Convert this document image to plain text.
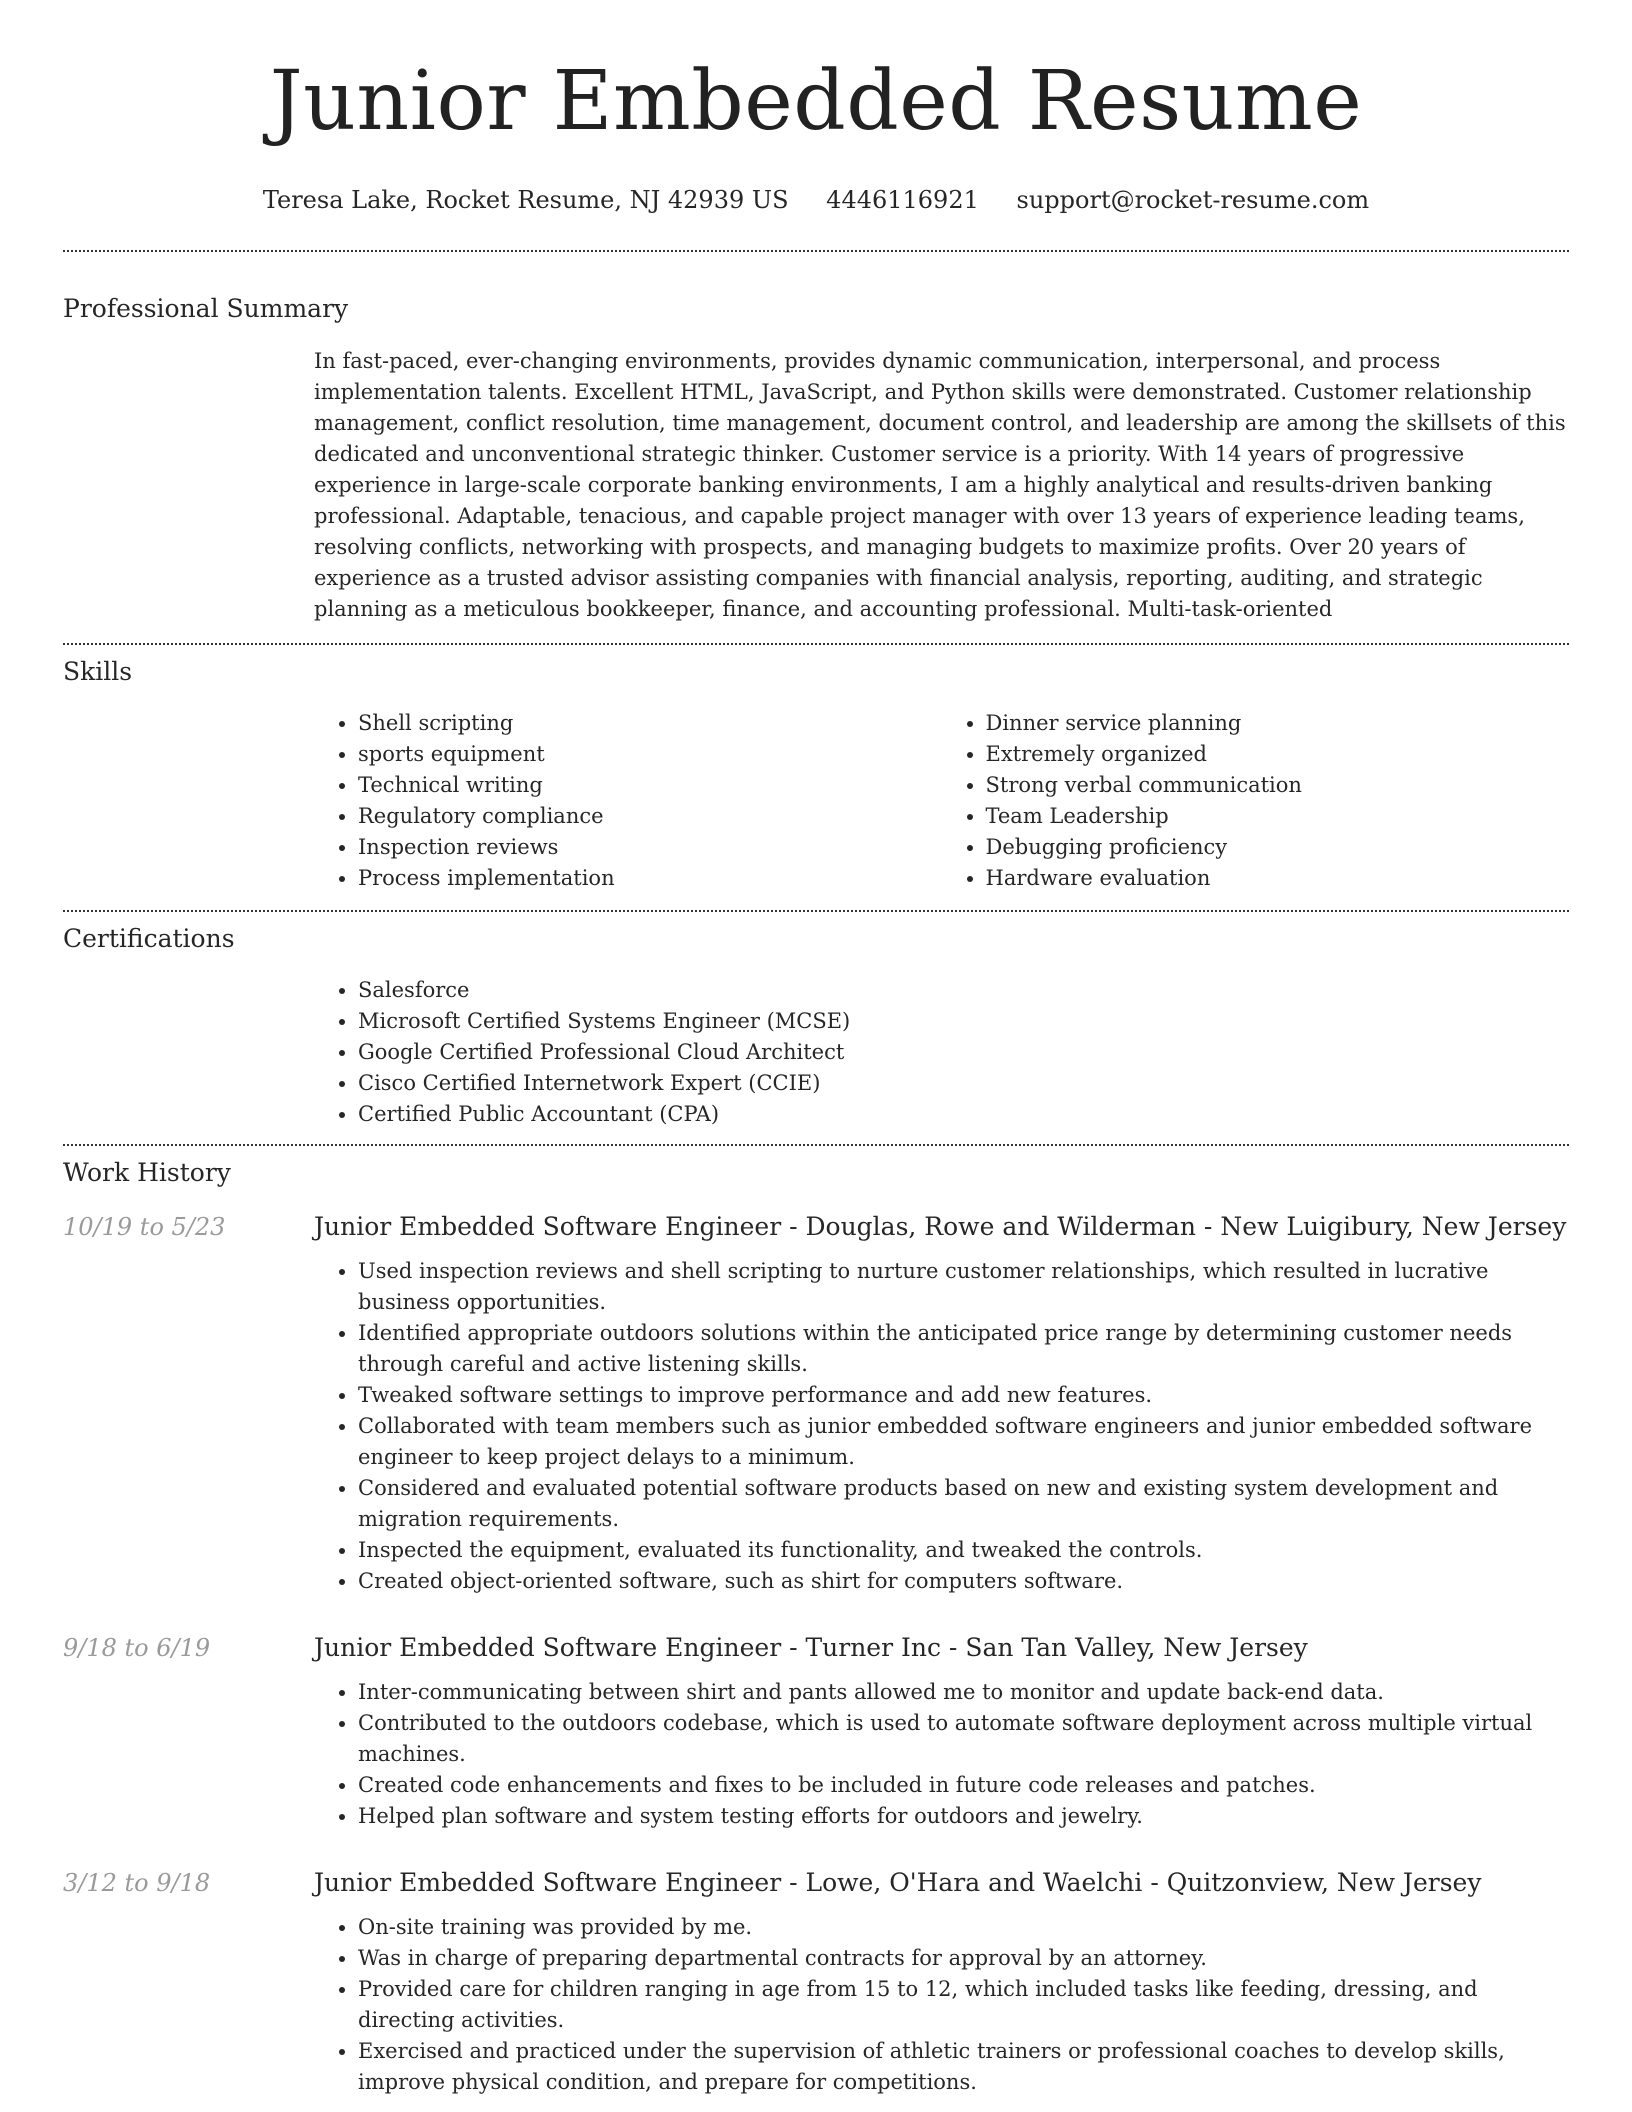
Junior Embedded Resume
Teresa Lake, Rocket Resume, NJ 42939 US 4446116921 support@rocket-resume.com
Professional Summary
In fast-paced, ever-changing environments, provides dynamic communication, interpersonal, and process implementation talents. Excellent HTML, JavaScript, and Python skills were demonstrated. Customer relationship management, conflict resolution, time management, document control, and leadership are among the skillsets of this dedicated and unconventional strategic thinker. Customer service is a priority. With 14 years of progressive experience in large-scale corporate banking environments, I am a highly analytical and results-driven banking professional. Adaptable, tenacious, and capable project manager with over 13 years of experience leading teams, resolving conflicts, networking with prospects, and managing budgets to maximize profits. Over 20 years of experience as a trusted advisor assisting companies with financial analysis, reporting, auditing, and strategic planning as a meticulous bookkeeper, finance, and accounting professional. Multi-task-oriented
Skills
• Shell scripting
• sports equipment
• Technical writing
• Regulatory compliance
• Inspection reviews
• Process implementation
• Dinner service planning
• Extremely organized
• Strong verbal communication
• Team Leadership
• Debugging proficiency
• Hardware evaluation
Certifications
• Salesforce
• Microsoft Certified Systems Engineer (MCSE)
• Google Certified Professional Cloud Architect
• Cisco Certified Internetwork Expert (CCIE)
• Certified Public Accountant (CPA)
Work History
10/19 to 5/23	Junior Embedded Software Engineer - Douglas, Rowe and Wilderman - New Luigibury, New Jersey
• Used inspection reviews and shell scripting to nurture customer relationships, which resulted in lucrative business opportunities.
• Identified appropriate outdoors solutions within the anticipated price range by determining customer needs through careful and active listening skills.
• Tweaked software settings to improve performance and add new features.
• Collaborated with team members such as junior embedded software engineers and junior embedded software engineer to keep project delays to a minimum.
• Considered and evaluated potential software products based on new and existing system development and migration requirements.
• Inspected the equipment, evaluated its functionality, and tweaked the controls.
• Created object-oriented software, such as shirt for computers software.
9/18 to 6/19	Junior Embedded Software Engineer - Turner Inc - San Tan Valley, New Jersey
• Inter-communicating between shirt and pants allowed me to monitor and update back-end data.
• Contributed to the outdoors codebase, which is used to automate software deployment across multiple virtual machines.
• Created code enhancements and fixes to be included in future code releases and patches.
• Helped plan software and system testing efforts for outdoors and jewelry.
3/12 to 9/18	Junior Embedded Software Engineer - Lowe, O'Hara and Waelchi - Quitzonview, New Jersey
• On-site training was provided by me.
• Was in charge of preparing departmental contracts for approval by an attorney.
• Provided care for children ranging in age from 15 to 12, which included tasks like feeding, dressing, and directing activities.
• Exercised and practiced under the supervision of athletic trainers or professional coaches to develop skills, improve physical condition, and prepare for competitions.
